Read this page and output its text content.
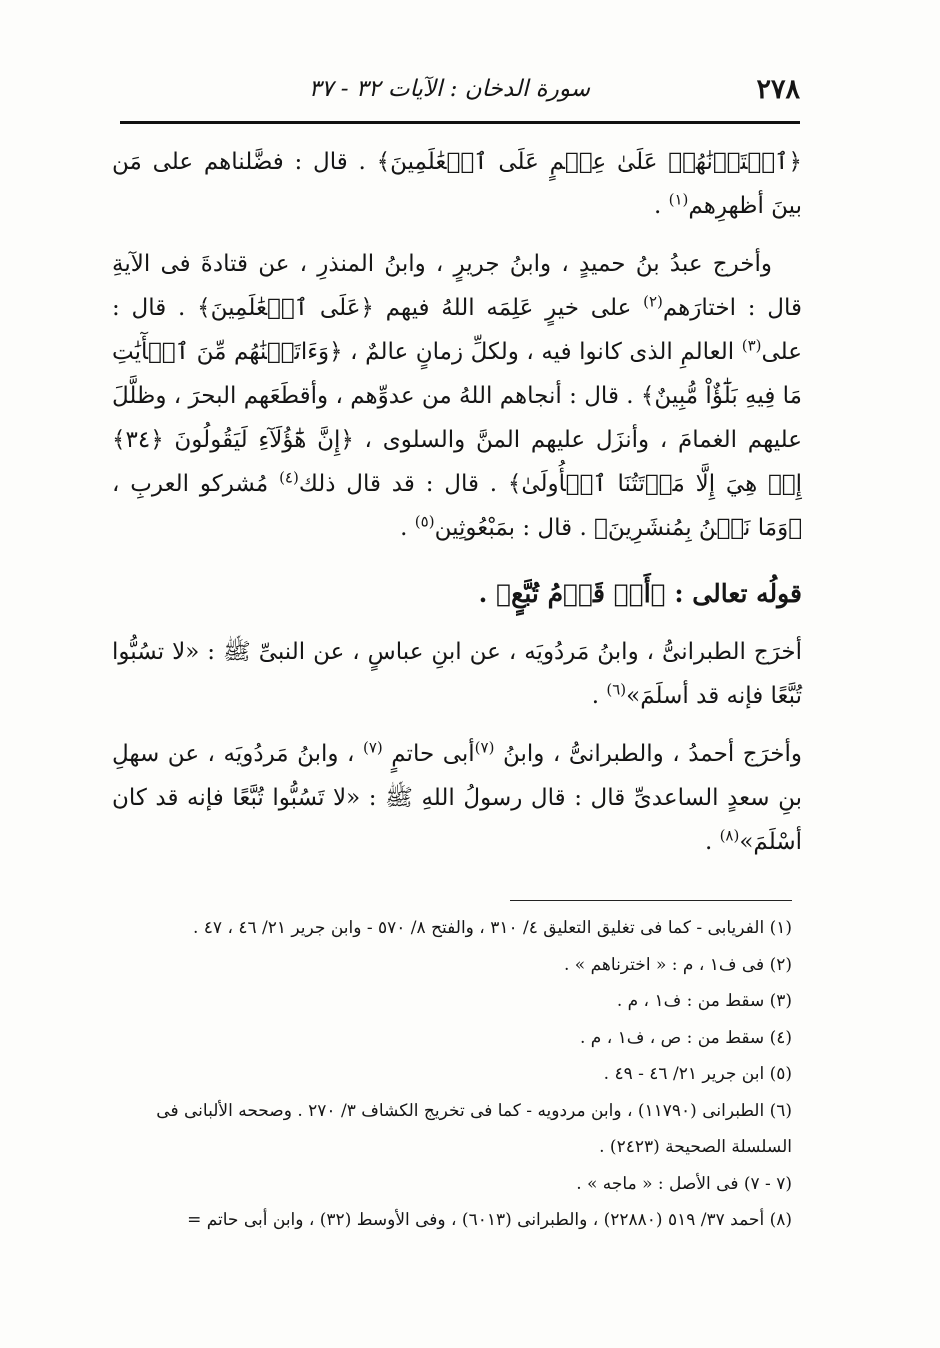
٢٧٨
سورة الدخان : الآيات ٣٢ - ٣٧

﴿ٱخۡتَرۡنَٰهُمۡ عَلَىٰ عِلۡمٍ عَلَى ٱلۡعَٰلَمِينَ﴾ . قال : فضَّلناهم على مَن بينَ أظهرِهم$^{(١)}$ .

وأخرج عبدُ بنُ حميدٍ ، وابنُ جريرٍ ، وابنُ المنذرِ ، عن قتادةَ فى الآيةِ قال : اختارَهم$^{(٢)}$ على خيرٍ عَلِمَه اللهُ فيهم ﴿عَلَى ٱلۡعَٰلَمِينَ﴾ . قال : على$^{(٣)}$ العالمِ الذى كانوا فيه ، ولكلِّ زمانٍ عالمٌ ، ﴿وَءَاتَيۡنَٰهُم مِّنَ ٱلۡأٓيَٰتِ مَا فِيهِ بَلَٰٓؤٌاْ مُّبِينٌ﴾ . قال : أنجاهم اللهُ من عدوِّهم ، وأقطَعَهم البحرَ ، وظلَّلَ عليهم الغمامَ ، وأنزَل عليهم المنَّ والسلوى ، ﴿إِنَّ هَٰٓؤُلَآءِ لَيَقُولُونَ ﴿٣٤﴾ إِنۡ هِيَ إِلَّا مَوۡتَتُنَا ٱلۡأُولَىٰ﴾ . قال : قد قال ذلك$^{(٤)}$ مُشركو العربِ ، ﴿وَمَا نَحۡنُ بِمُنشَرِينَ﴾ . قال : بمَبْعُوثِين$^{(٥)}$ .

قولُه تعالى : ﴿أَمۡ قَوۡمُ تُبَّعٍ﴾ .

أخرَج الطبرانىُّ ، وابنُ مَردُويَه ، عن ابنِ عباسٍ ، عن النبىِّ ﷺ : «لا تسُبُّوا تُبَّعًا فإنه قد أسلَمَ»$^{(٦)}$ .

وأخرَج أحمدُ ، والطبرانىُّ ، وابنُ $^{(٧)}$أبى حاتمٍ $^{(٧)}$ ، وابنُ مَردُويَه ، عن سهلِ بنِ سعدٍ الساعدىِّ قال : قال رسولُ اللهِ ﷺ : «لا تَسُبُّوا تُبَّعًا فإنه قد كان أسْلَمَ»$^{(٨)}$ .

(١) الفريابى - كما فى تغليق التعليق ٤/ ٣١٠ ، والفتح ٨/ ٥٧٠ - وابن جرير ٢١/ ٤٦ ، ٤٧ .
(٢) فى ف١ ، م : « اخترناهم » .
(٣) سقط من : ف١ ، م .
(٤) سقط من : ص ، ف١ ، م .
(٥) ابن جرير ٢١/ ٤٦ - ٤٩ .
(٦) الطبرانى (١١٧٩٠) ، وابن مردويه - كما فى تخريج الكشاف ٣/ ٢٧٠ . وصححه الألبانى فى
السلسلة الصحيحة (٢٤٢٣) .
(٧ - ٧) فى الأصل : « ماجه » .
(٨) أحمد ٣٧/ ٥١٩ (٢٢٨٨٠) ، والطبرانى (٦٠١٣) ، وفى الأوسط (٣٢) ، وابن أبى حاتم =
